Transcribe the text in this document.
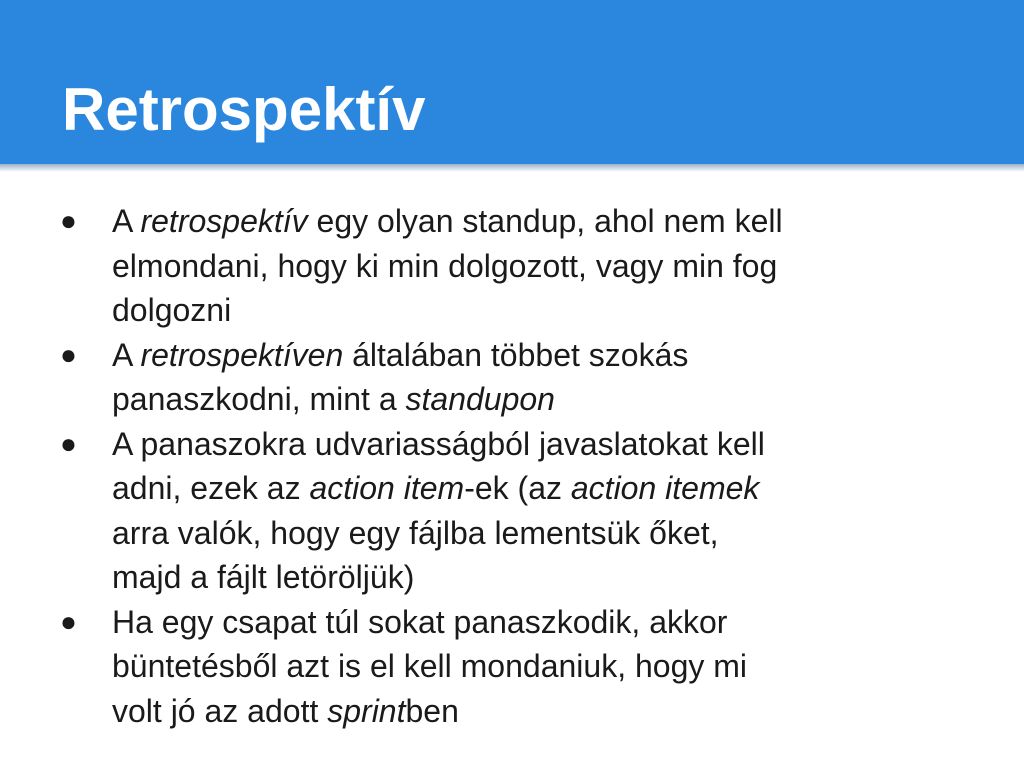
Retrospektív
● A retrospektív egy olyan standup, ahol nem kell
elmondani, hogy ki min dolgozott, vagy min fog
dolgozni
● A retrospektíven általában többet szokás
panaszkodni, mint a standupon
● A panaszokra udvariasságból javaslatokat kell
adni, ezek az action item-ek (az action itemek
arra valók, hogy egy fájlba lementsük őket,
majd a fájlt letöröljük)
● Ha egy csapat túl sokat panaszkodik, akkor
büntetésből azt is el kell mondaniuk, hogy mi
volt jó az adott sprintben
